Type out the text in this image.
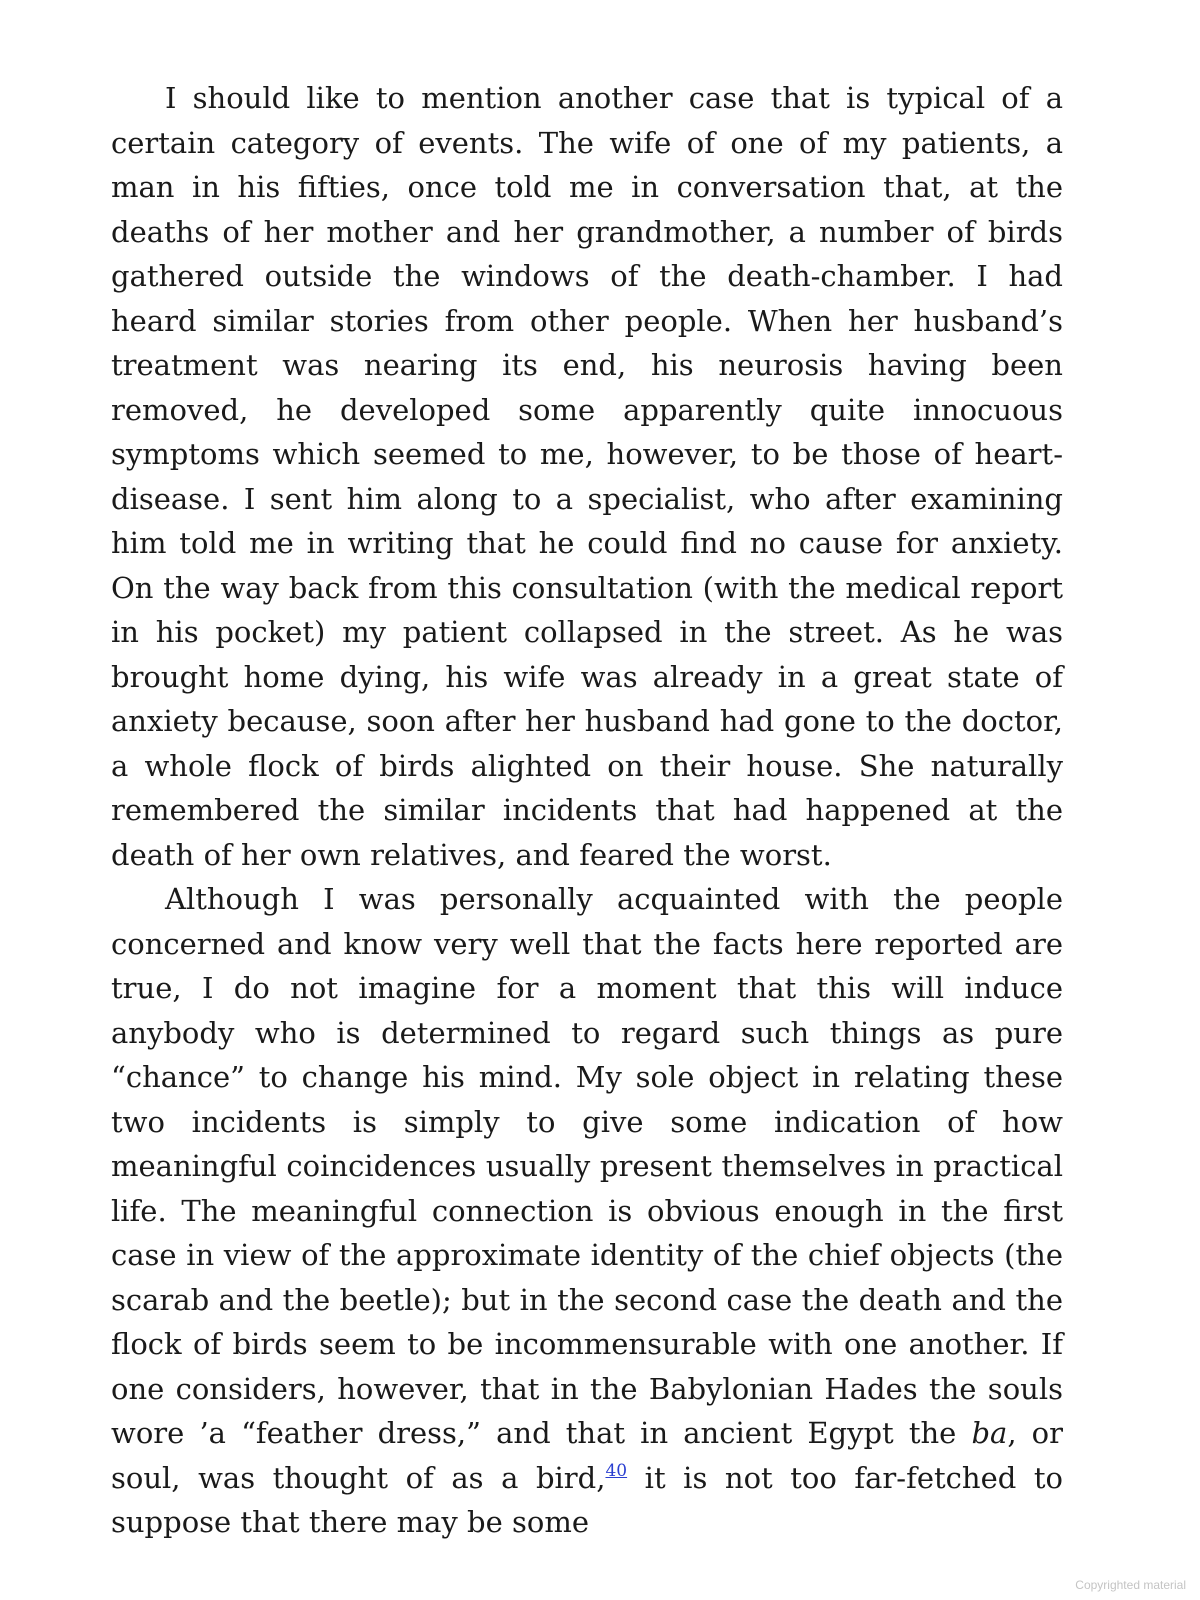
I should like to mention another case that is typical of a certain category of events. The wife of one of my patients, a man in his fifties, once told me in conversation that, at the deaths of her mother and her grandmother, a number of birds gathered outside the windows of the death-chamber. I had heard similar stories from other people. When her husband’s treatment was nearing its end, his neurosis having been removed, he developed some apparently quite innocuous symptoms which seemed to me, however, to be those of heart-disease. I sent him along to a specialist, who after examining him told me in writing that he could find no cause for anxiety. On the way back from this consultation (with the medical report in his pocket) my patient collapsed in the street. As he was brought home dying, his wife was already in a great state of anxiety because, soon after her husband had gone to the doctor, a whole flock of birds alighted on their house. She naturally remembered the similar incidents that had happened at the death of her own relatives, and feared the worst.

Although I was personally acquainted with the people concerned and know very well that the facts here reported are true, I do not imagine for a moment that this will induce anybody who is determined to regard such things as pure “chance” to change his mind. My sole object in relating these two incidents is simply to give some indication of how meaningful coincidences usually present themselves in practical life. The meaningful connection is obvious enough in the first case in view of the approximate identity of the chief objects (the scarab and the beetle); but in the second case the death and the flock of birds seem to be incommensurable with one another. If one considers, however, that in the Babylonian Hades the souls wore ’a “feather dress,” and that in ancient Egypt the ba, or soul, was thought of as a bird,$^{40}$ it is not too far-fetched to suppose that there may be some

Copyrighted material
